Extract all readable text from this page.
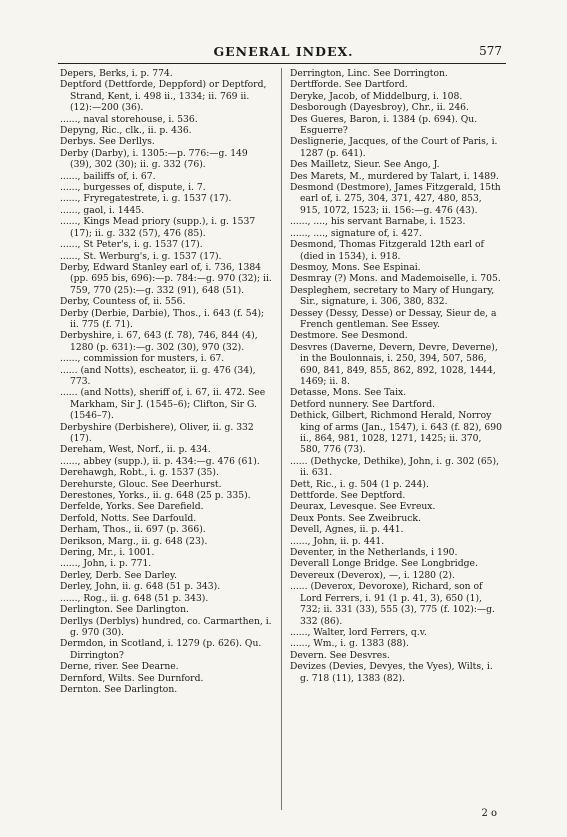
GENERAL INDEX.	577

Depers, Berks, i. p. 774.

Deptford (Dettforde, Deppford) or Deptford, Strand, Kent, i. 498 ii., 1334; ii. 769 ii. (12):—200 (36).

......, naval storehouse, i. 536.

Depyng, Ric., clk., ii. p. 436.

Derbys. See Derllys.

Derby (Darby), i. 1305:—p. 776:—g. 149 (39), 302 (30); ii. g. 332 (76).

......, bailiffs of, i. 67.

......, burgesses of, dispute, i. 7.

......, Fryregatestrete, i. g. 1537 (17).

......, gaol, i. 1445.

......, Kings Mead priory (supp.), i. g. 1537 (17); ii. g. 332 (57), 476 (85).

......, St Peter's, i. g. 1537 (17).

......, St. Werburg's, i. g. 1537 (17).

Derby, Edward Stanley earl of, i. 736, 1384 (pp. 695 bis, 696):—p. 784:—g. 970 (32); ii. 759, 770 (25):—g. 332 (91), 648 (51).

Derby, Countess of, ii. 556.

Derby (Derbie, Darbie), Thos., i. 643 (f. 54); ii. 775 (f. 71).

Derbyshire, i. 67, 643 (f. 78), 746, 844 (4), 1280 (p. 631):—g. 302 (30), 970 (32).

......, commission for musters, i. 67.

...... (and Notts), escheator, ii. g. 476 (34), 773.

...... (and Notts), sheriff of, i. 67, ii. 472. See Markham, Sir J. (1545–6); Clifton, Sir G. (1546–7).

Derbyshire (Derbishere), Oliver, ii. g. 332 (17).

Dereham, West, Norf., ii. p. 434.

......, abbey (supp.), ii. p. 434:—g. 476 (61).

Derehawgh, Robt., i. g. 1537 (35).

Derehurste, Glouc. See Deerhurst.

Derestones, Yorks., ii. g. 648 (25 p. 335).

Derfelde, Yorks. See Darefield.

Derfold, Notts. See Darfould.

Derham, Thos., ii. 697 (p. 366).

Derikson, Marg., ii. g. 648 (23).

Dering, Mr., i. 1001.

......, John, i. p. 771.

Derley, Derb. See Darley.

Derley, John, ii. g. 648 (51 p. 343).

......, Rog., ii. g. 648 (51 p. 343).

Derlington. See Darlington.

Derllys (Derblys) hundred, co. Carmarthen, i. g. 970 (30).

Dermdon, in Scotland, i. 1279 (p. 626). Qu. Dirrington?

Derne, river. See Dearne.

Dernford, Wilts. See Durnford.

Dernton. See Darlington.

Derrington, Linc. See Dorrington.

Dertfforde. See Dartford.

Deryke, Jacob, of Middelburg, i. 108.

Desborough (Dayesbroy), Chr., ii. 246.

Des Gueres, Baron, i. 1384 (p. 694). Qu. Esguerre?

Deslignerie, Jacques, of the Court of Paris, i. 1287 (p. 641).

Des Mailletz, Sieur. See Ango, J.

Des Marets, M., murdered by Talart, i. 1489.

Desmond (Destmore), James Fitzgerald, 15th earl of, i. 275, 304, 371, 427, 480, 853, 915, 1072, 1523; ii. 156:—g. 476 (43).

......, ...., his servant Barnabe, i. 1523.

......, ...., signature of, i. 427.

Desmond, Thomas Fitzgerald 12th earl of (died in 1534), i. 918.

Desmoy, Mons. See Espinai.

Desmray (?) Mons. and Mademoiselle, i. 705.

Despleghem, secretary to Mary of Hungary, Sir., signature, i. 306, 380, 832.

Dessey (Dessy, Desse) or Dessay, Sieur de, a French gentleman. See Essey.

Destmore. See Desmond.

Desvres (Daverne, Devern, Devre, Deverne), in the Boulonnais, i. 250, 394, 507, 586, 690, 841, 849, 855, 862, 892, 1028, 1444, 1469; ii. 8.

Detasse, Mons. See Taix.

Detford nunnery. See Dartford.

Dethick, Gilbert, Richmond Herald, Norroy king of arms (Jan., 1547), i. 643 (f. 82), 690 ii., 864, 981, 1028, 1271, 1425; ii. 370, 580, 776 (73).

...... (Dethycke, Dethike), John, i. g. 302 (65), ii. 631.

Dett, Ric., i. g. 504 (1 p. 244).

Dettforde. See Deptford.

Deurax, Levesque. See Evreux.

Deux Ponts. See Zweibruck.

Devell, Agnes, ii. p. 441.

......, John, ii. p. 441.

Deventer, in the Netherlands, i 190.

Deverall Longe Bridge. See Longbridge.

Devereux (Deverox), —, i. 1280 (2).

...... (Deverox, Devoroxe), Richard, son of Lord Ferrers, i. 91 (1 p. 41, 3), 650 (1), 732; ii. 331 (33), 555 (3), 775 (f. 102):—g. 332 (86).

......, Walter, lord Ferrers, q.v.

......, Wm., i. g. 1383 (88).

Devern. See Desvres.

Devizes (Devies, Devyes, the Vyes), Wilts, i. g. 718 (11), 1383 (82).

2 o
